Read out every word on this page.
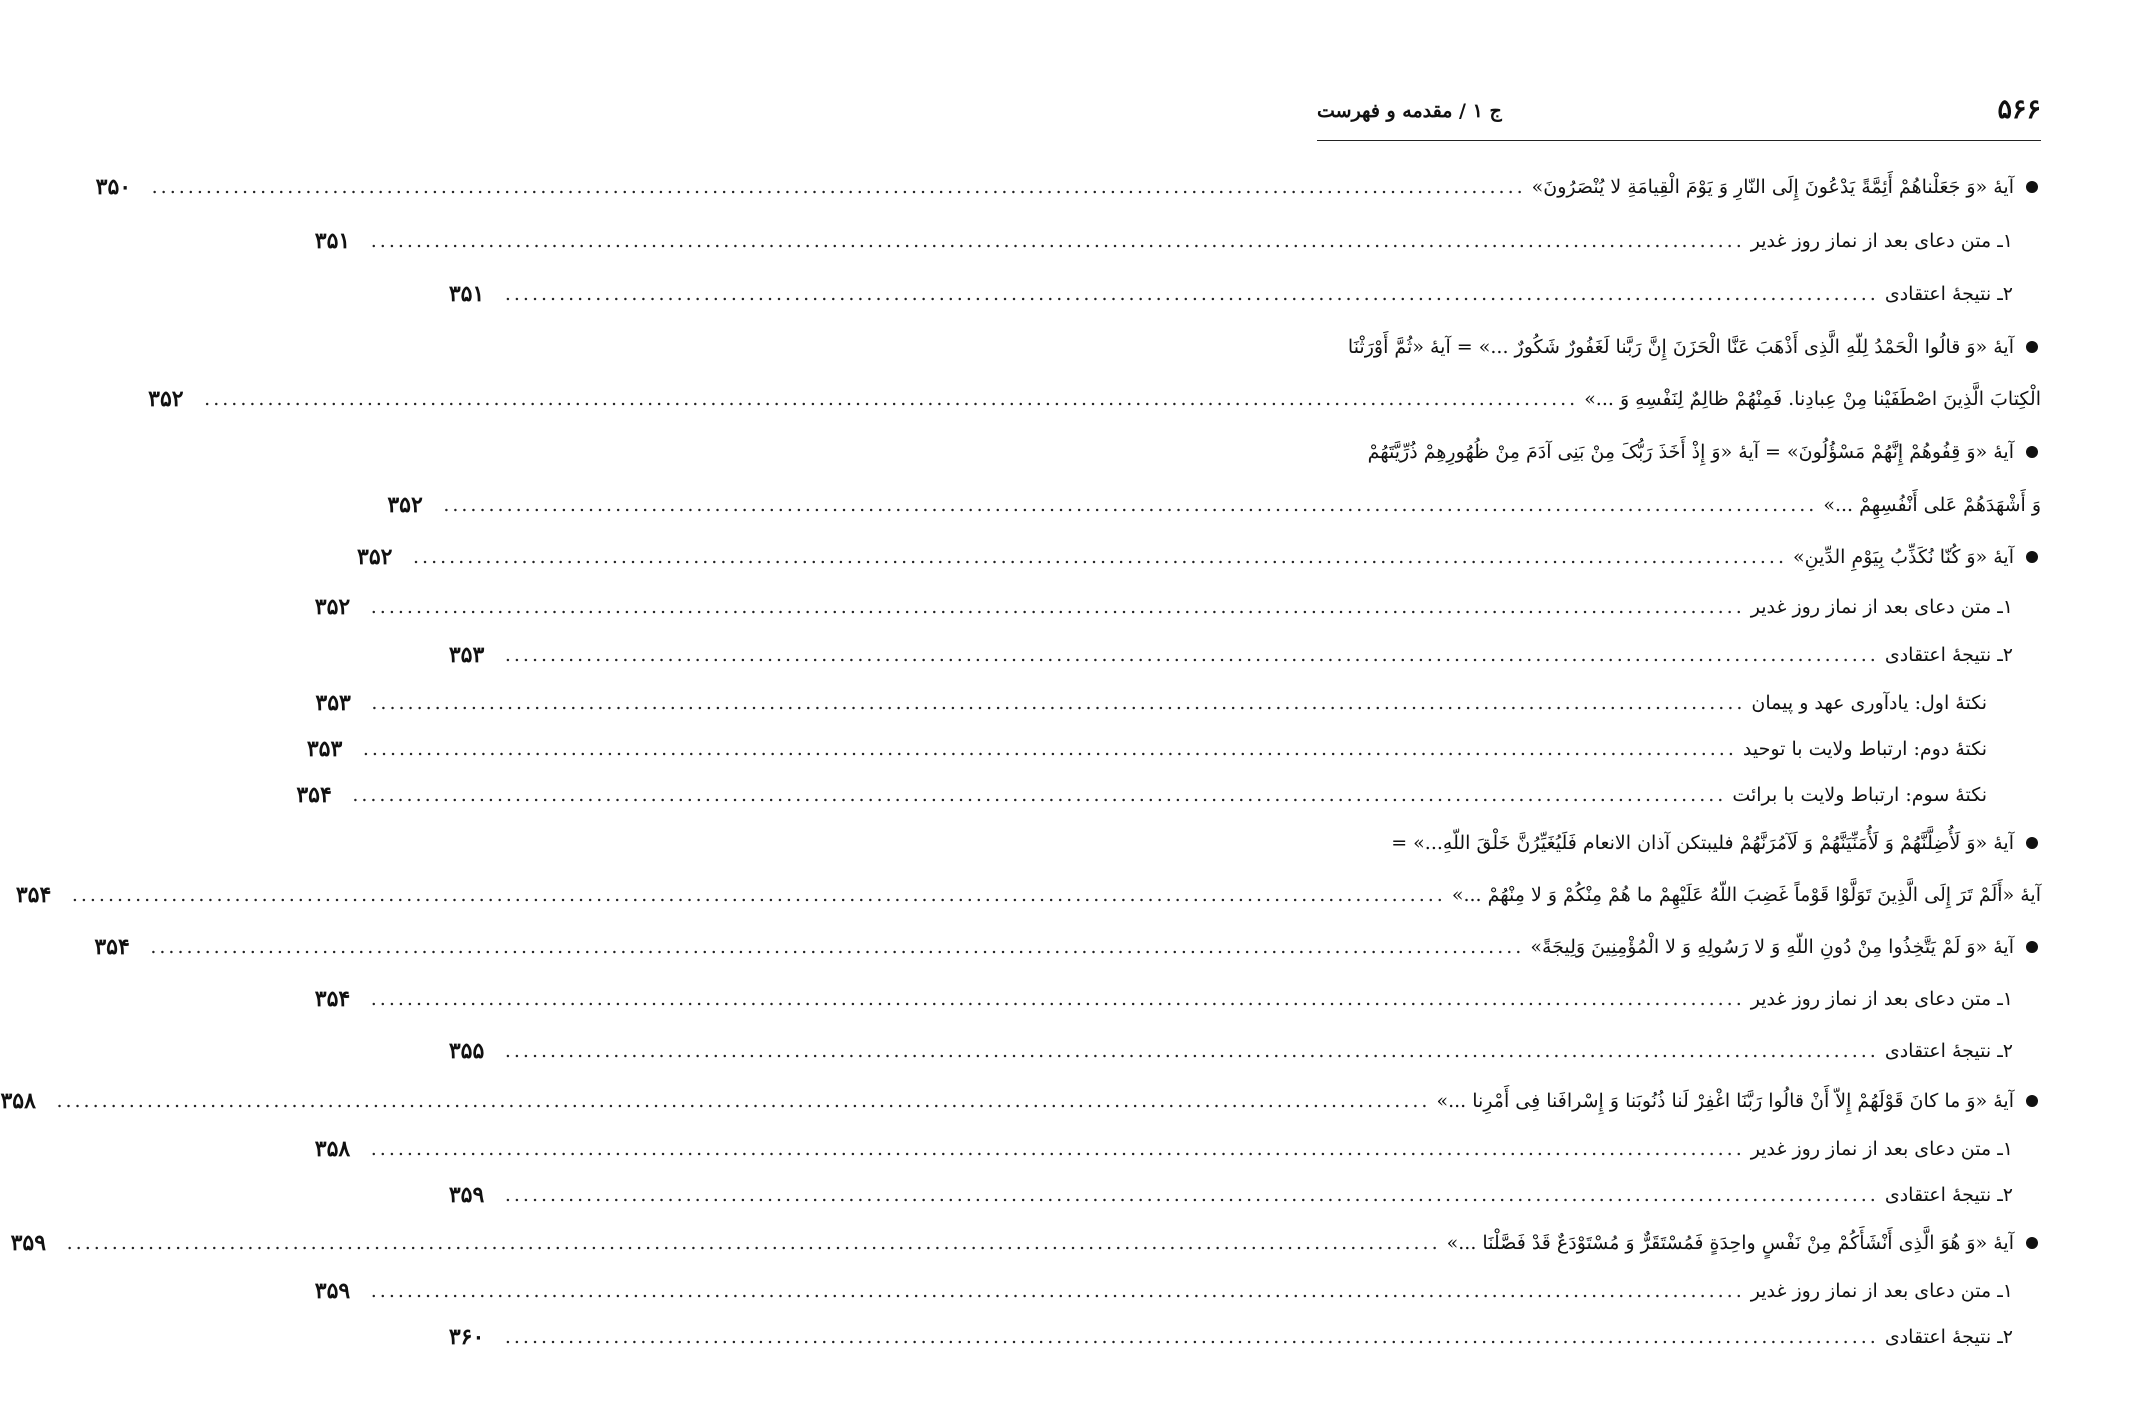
۵۶۶
ج ۱ / مقدمه و فهرست
آیهٔ «وَ جَعَلْناهُمْ أَئِمَّةً یَدْعُونَ إِلَی النّارِ وَ یَوْمَ الْقِیامَةِ لا یُنْصَرُونَ»
.....
۳۵۰
۱ـ متن دعای بعد از نماز روز غدیر
.....
۳۵۱
۲ـ نتیجهٔ اعتقادی
.....
۳۵۱
آیهٔ «وَ قالُوا الْحَمْدُ لِلّهِ الَّذِی أَذْهَبَ عَنَّا الْحَزَنَ إِنَّ رَبَّنا لَغَفُورٌ شَکُورٌ ...» = آیهٔ «ثُمَّ أَوْرَثْنَا
الْکِتابَ الَّذِینَ اصْطَفَیْنا مِنْ عِبادِنا. فَمِنْهُمْ ظالِمٌ لِنَفْسِهِ وَ ...»
.....
۳۵۲
آیهٔ «وَ قِفُوهُمْ إِنَّهُمْ مَسْؤُلُونَ» = آیهٔ «وَ إِذْ أَخَذَ رَبُّکَ مِنْ بَنِی آدَمَ مِنْ ظُهُورِهِمْ ذُرِّیَّتَهُمْ
وَ أَشْهَدَهُمْ عَلی أَنْفُسِهِمْ ...»
.....
۳۵۲
آیهٔ «وَ کُنّا نُکَذِّبُ بِیَوْمِ الدِّینِ»
.....
۳۵۲
۱ـ متن دعای بعد از نماز روز غدیر
.....
۳۵۲
۲ـ نتیجهٔ اعتقادی
.....
۳۵۳
نکتهٔ اول: یادآوری عهد و پیمان
.....
۳۵۳
نکتهٔ دوم: ارتباط ولایت با توحید
.....
۳۵۳
نکتهٔ سوم: ارتباط ولایت با برائت
.....
۳۵۴
آیهٔ «وَ لَأُضِلَّنَّهُمْ وَ لَأُمَنِّیَنَّهُمْ وَ لَآمُرَنَّهُمْ فلیبتکن آذان الانعام فَلَیُغَیِّرُنَّ خَلْقَ اللّهِ...» =
آیهٔ «أَلَمْ تَرَ إِلَی الَّذِینَ تَوَلَّوْا قَوْماً غَضِبَ اللّهُ عَلَیْهِمْ ما هُمْ مِنْکُمْ وَ لا مِنْهُمْ ...»
.....
۳۵۴
آیهٔ «وَ لَمْ یَتَّخِذُوا مِنْ دُونِ اللّهِ وَ لا رَسُولِهِ وَ لا الْمُؤْمِنِینَ وَلِیجَةً»
.....
۳۵۴
۱ـ متن دعای بعد از نماز روز غدیر
.....
۳۵۴
۲ـ نتیجهٔ اعتقادی
.....
۳۵۵
آیهٔ «وَ ما کانَ قَوْلَهُمْ إِلاّ أَنْ قالُوا رَبَّنَا اغْفِرْ لَنا ذُنُوبَنا وَ إِسْرافَنا فِی أَمْرِنا ...»
.....
۳۵۸
۱ـ متن دعای بعد از نماز روز غدیر
.....
۳۵۸
۲ـ نتیجهٔ اعتقادی
.....
۳۵۹
آیهٔ «وَ هُوَ الَّذِی أَنْشَأَکُمْ مِنْ نَفْسٍ واحِدَةٍ فَمُسْتَقَرٌّ وَ مُسْتَوْدَعٌ قَدْ فَصَّلْنَا ...»
.....
۳۵۹
۱ـ متن دعای بعد از نماز روز غدیر
.....
۳۵۹
۲ـ نتیجهٔ اعتقادی
.....
۳۶۰
